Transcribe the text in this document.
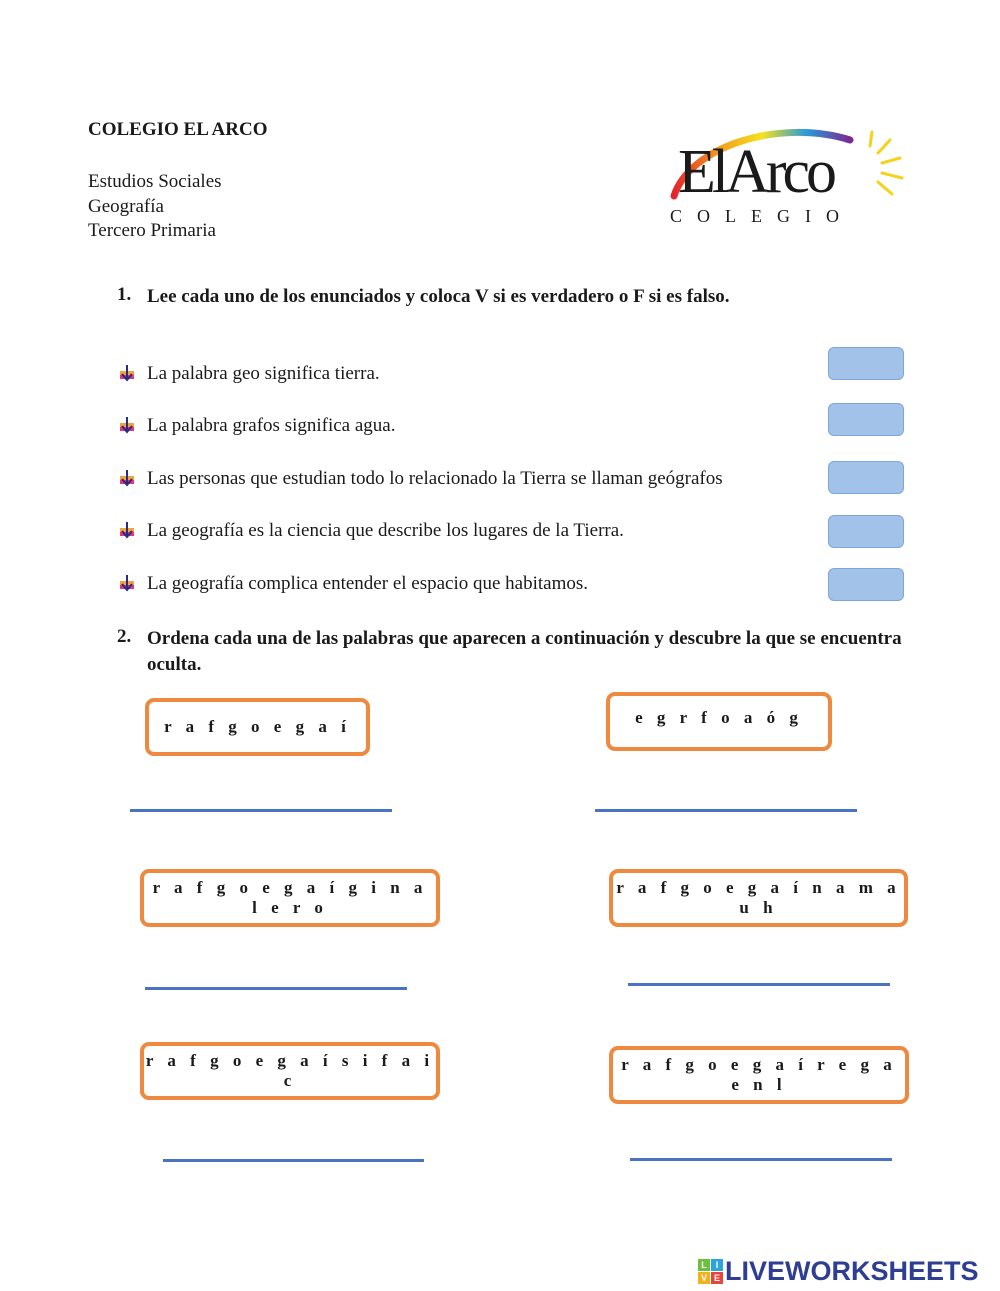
COLEGIO EL ARCO
Estudios Sociales
Geografía
Tercero Primaria
ElArco
COLEGIO
1. Lee cada uno de los enunciados y coloca V si es verdadero o F si es falso.
La palabra geo significa tierra.
La palabra grafos significa agua.
Las personas que estudian todo lo relacionado la Tierra se llaman geógrafos
La geografía es la ciencia que describe los lugares de la Tierra.
La geografía complica entender el espacio que habitamos.
2. Ordena cada una de las palabras que aparecen a continuación y descubre la que se encuentra oculta.
r a f g o e g a í	e g r f o a ó g
r a f g o e g a í g i n a l e r o
r a f g o e g a í n a m a u h
r a f g o e g a í s i f a i c
r a f g o e g a í r e g a e n l
L I
V E LIVEWORKSHEETS
